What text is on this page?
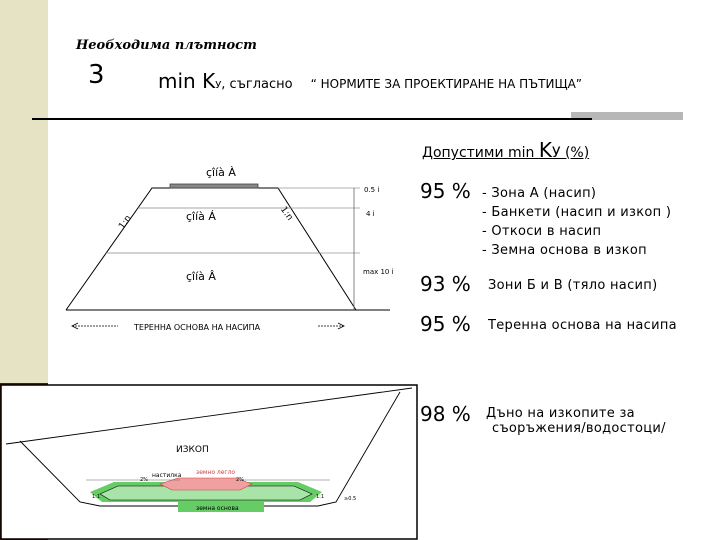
Необходима плътност
3	min KУ, съгласно “ НОРМИТЕ ЗА ПРОЕКТИРАНЕ НА ПЪТИЩА”
Допустими min KУ (%)
95 % - Зона А (насип)
- Банкети (насип и изкоп )
- Откоси в насип
- Земна основа в изкоп
93 % Зони Б и В (тяло насип)
95 % Теренна основа на насипа
98 % Дъно на изкопите за
съоръжения/водостоци/
çîíà À
çîíà Á
çîíà Â
1:n	1:n
0.5 i
4 i
max 10 i
ТЕРЕННА ОСНОВА НА НАСИПА
ИЗКОП
настилка земно легло
земна основа
2%	2%
≥0.5
1:1	1:1
